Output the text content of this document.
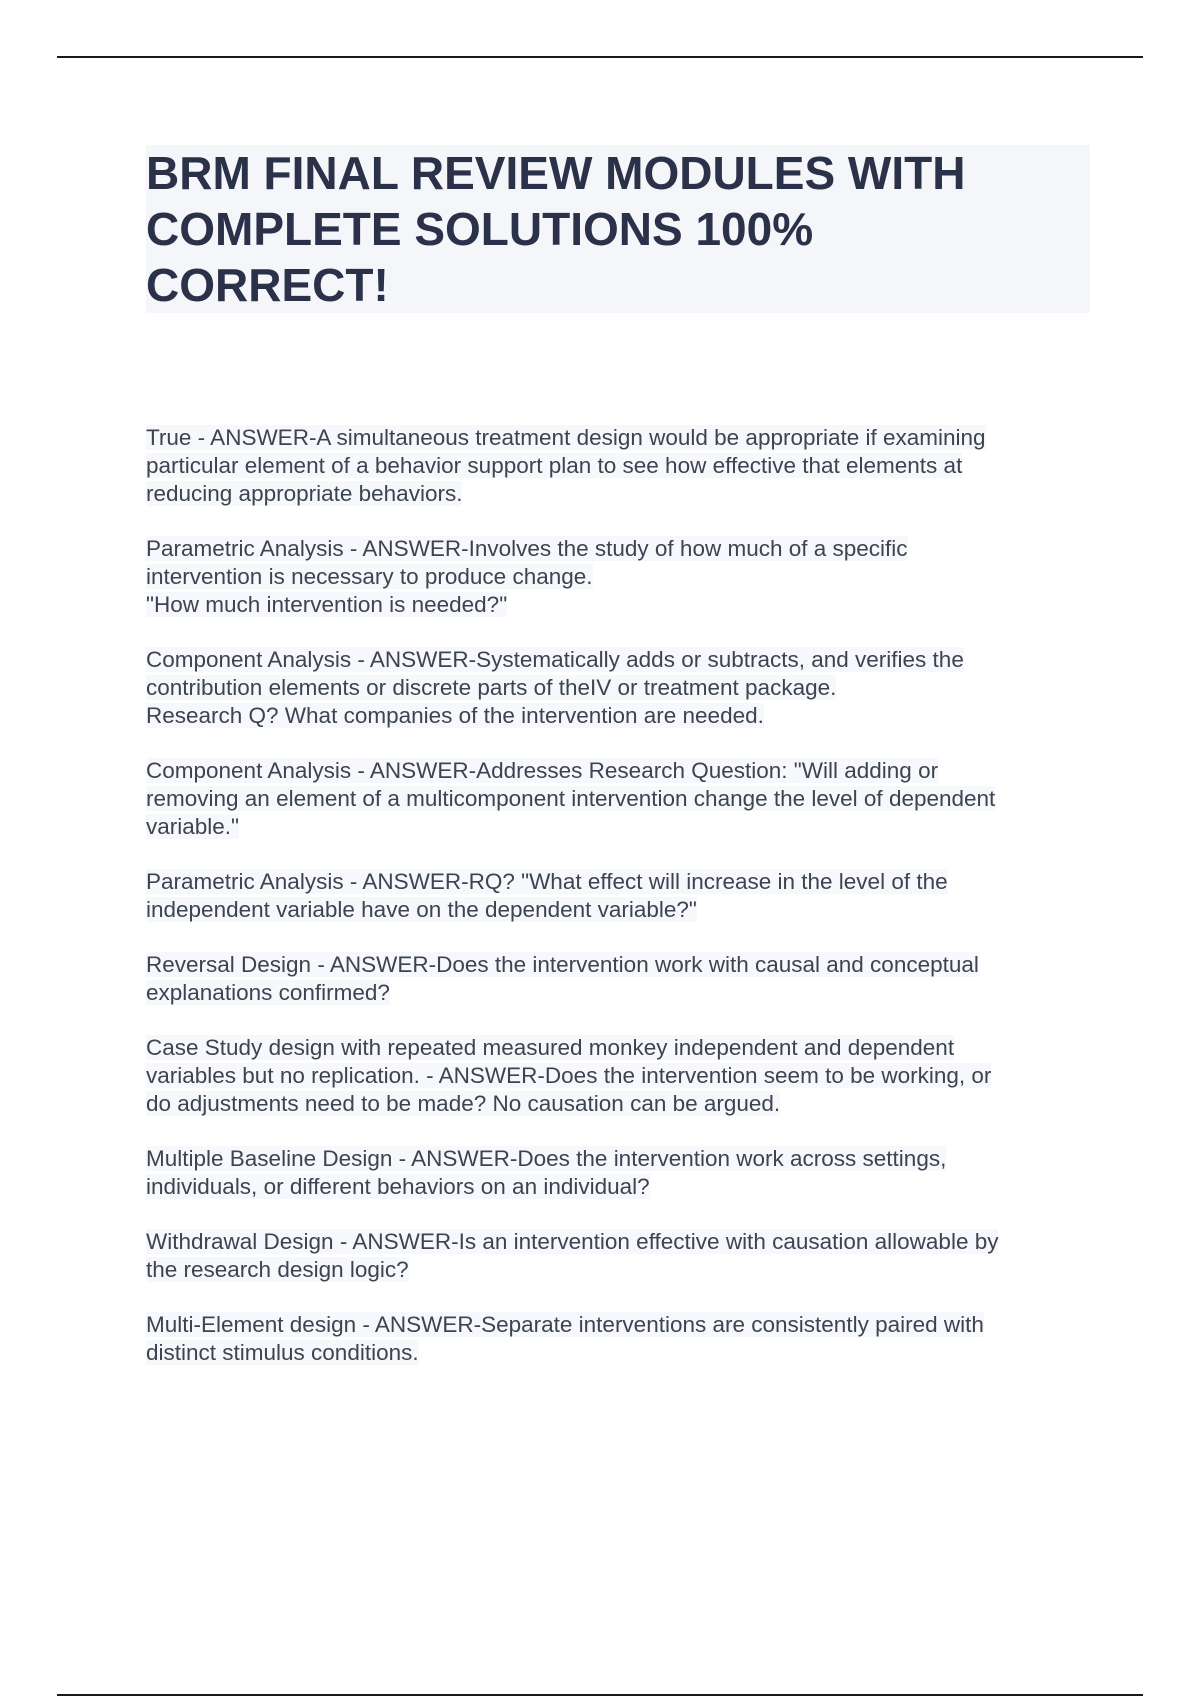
BRM FINAL REVIEW MODULES WITH
COMPLETE SOLUTIONS 100%
CORRECT!
True - ANSWER-A simultaneous treatment design would be appropriate if examining
particular element of a behavior support plan to see how effective that elements at
reducing appropriate behaviors.
Parametric Analysis - ANSWER-Involves the study of how much of a specific
intervention is necessary to produce change.
"How much intervention is needed?"
Component Analysis - ANSWER-Systematically adds or subtracts, and verifies the
contribution elements or discrete parts of theIV or treatment package.
Research Q? What companies of the intervention are needed.
Component Analysis - ANSWER-Addresses Research Question: "Will adding or
removing an element of a multicomponent intervention change the level of dependent
variable."
Parametric Analysis - ANSWER-RQ? "What effect will increase in the level of the
independent variable have on the dependent variable?"
Reversal Design - ANSWER-Does the intervention work with causal and conceptual
explanations confirmed?
Case Study design with repeated measured monkey independent and dependent
variables but no replication. - ANSWER-Does the intervention seem to be working, or
do adjustments need to be made? No causation can be argued.
Multiple Baseline Design - ANSWER-Does the intervention work across settings,
individuals, or different behaviors on an individual?
Withdrawal Design - ANSWER-Is an intervention effective with causation allowable by
the research design logic?
Multi-Element design - ANSWER-Separate interventions are consistently paired with
distinct stimulus conditions.
